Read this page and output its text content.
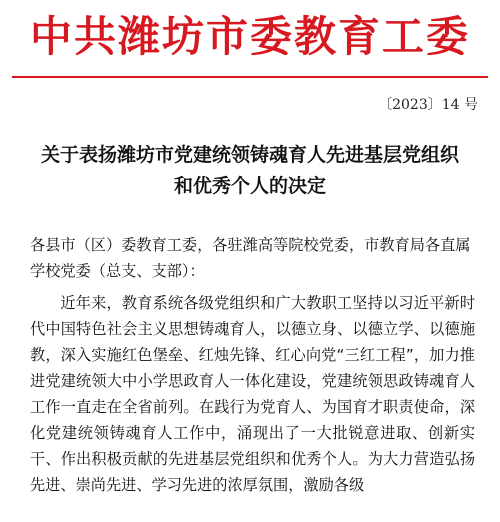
中共潍坊市委教育工委
〔2023〕14 号
关于表扬潍坊市党建统领铸魂育人先进基层党组织
和优秀个人的决定
各县市（区）委教育工委，各驻潍高等院校党委，市教育局各直属学校党委（总支、支部）：
近年来，教育系统各级党组织和广大教职工坚持以习近平新时代中国特色社会主义思想铸魂育人，以德立身、以德立学、以德施教，深入实施红色堡垒、红烛先锋、红心向党“三红工程”，加力推进党建统领大中小学思政育人一体化建设，党建统领思政铸魂育人工作一直走在全省前列。在践行为党育人、为国育才职责使命，深化党建统领铸魂育人工作中，涌现出了一大批锐意进取、创新实干、作出积极贡献的先进基层党组织和优秀个人。为大力营造弘扬先进、崇尚先进、学习先进的浓厚氛围，激励各级
